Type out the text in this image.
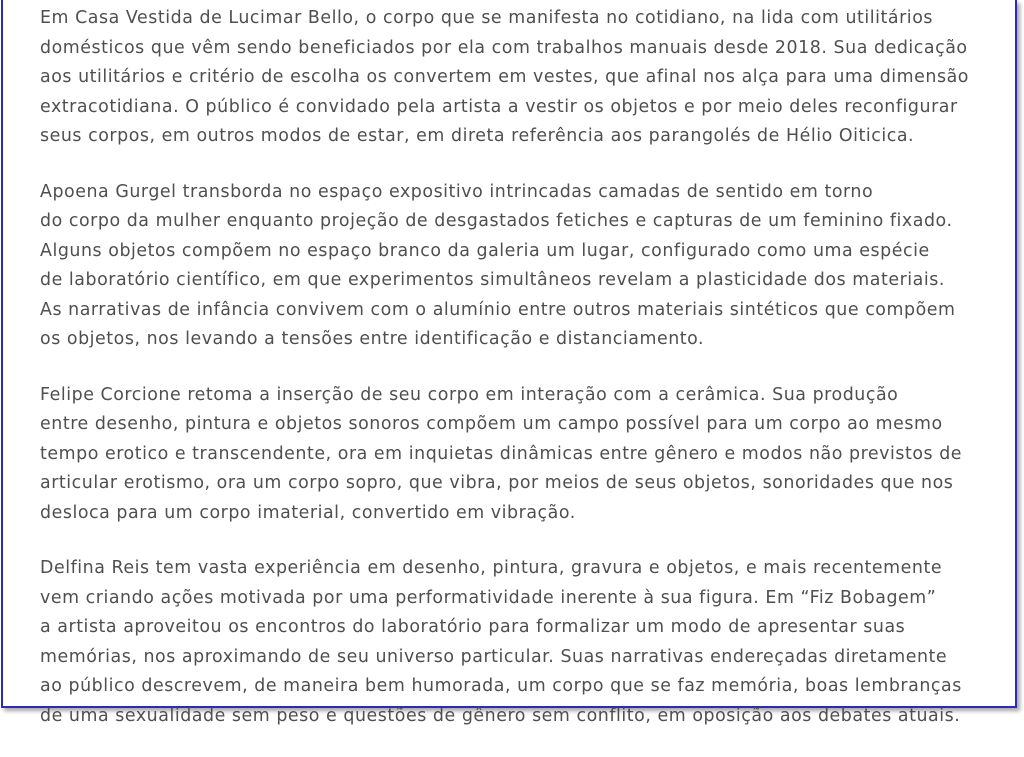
Em Casa Vestida de Lucimar Bello, o corpo que se manifesta no cotidiano, na lida com utilitários
domésticos que vêm sendo beneficiados por ela com trabalhos manuais desde 2018. Sua dedicação
aos utilitários e critério de escolha os convertem em vestes, que afinal nos alça para uma dimensão
extracotidiana. O público é convidado pela artista a vestir os objetos e por meio deles reconfigurar
seus corpos, em outros modos de estar, em direta referência aos parangolés de Hélio Oiticica.

Apoena Gurgel transborda no espaço expositivo intrincadas camadas de sentido em torno
do corpo da mulher enquanto projeção de desgastados fetiches e capturas de um feminino fixado.
Alguns objetos compõem no espaço branco da galeria um lugar, configurado como uma espécie
de laboratório científico, em que experimentos simultâneos revelam a plasticidade dos materiais.
As narrativas de infância convivem com o alumínio entre outros materiais sintéticos que compõem
os objetos, nos levando a tensões entre identificação e distanciamento.

Felipe Corcione retoma a inserção de seu corpo em interação com a cerâmica. Sua produção
entre desenho, pintura e objetos sonoros compõem um campo possível para um corpo ao mesmo
tempo erotico e transcendente, ora em inquietas dinâmicas entre gênero e modos não previstos de
articular erotismo, ora um corpo sopro, que vibra, por meios de seus objetos, sonoridades que nos
desloca para um corpo imaterial, convertido em vibração.

Delfina Reis tem vasta experiência em desenho, pintura, gravura e objetos, e mais recentemente
vem criando ações motivada por uma performatividade inerente à sua figura. Em “Fiz Bobagem”
a artista aproveitou os encontros do laboratório para formalizar um modo de apresentar suas
memórias, nos aproximando de seu universo particular. Suas narrativas endereçadas diretamente
ao público descrevem, de maneira bem humorada, um corpo que se faz memória, boas lembranças
de uma sexualidade sem peso e questões de gênero sem conflito, em oposição aos debates atuais.
